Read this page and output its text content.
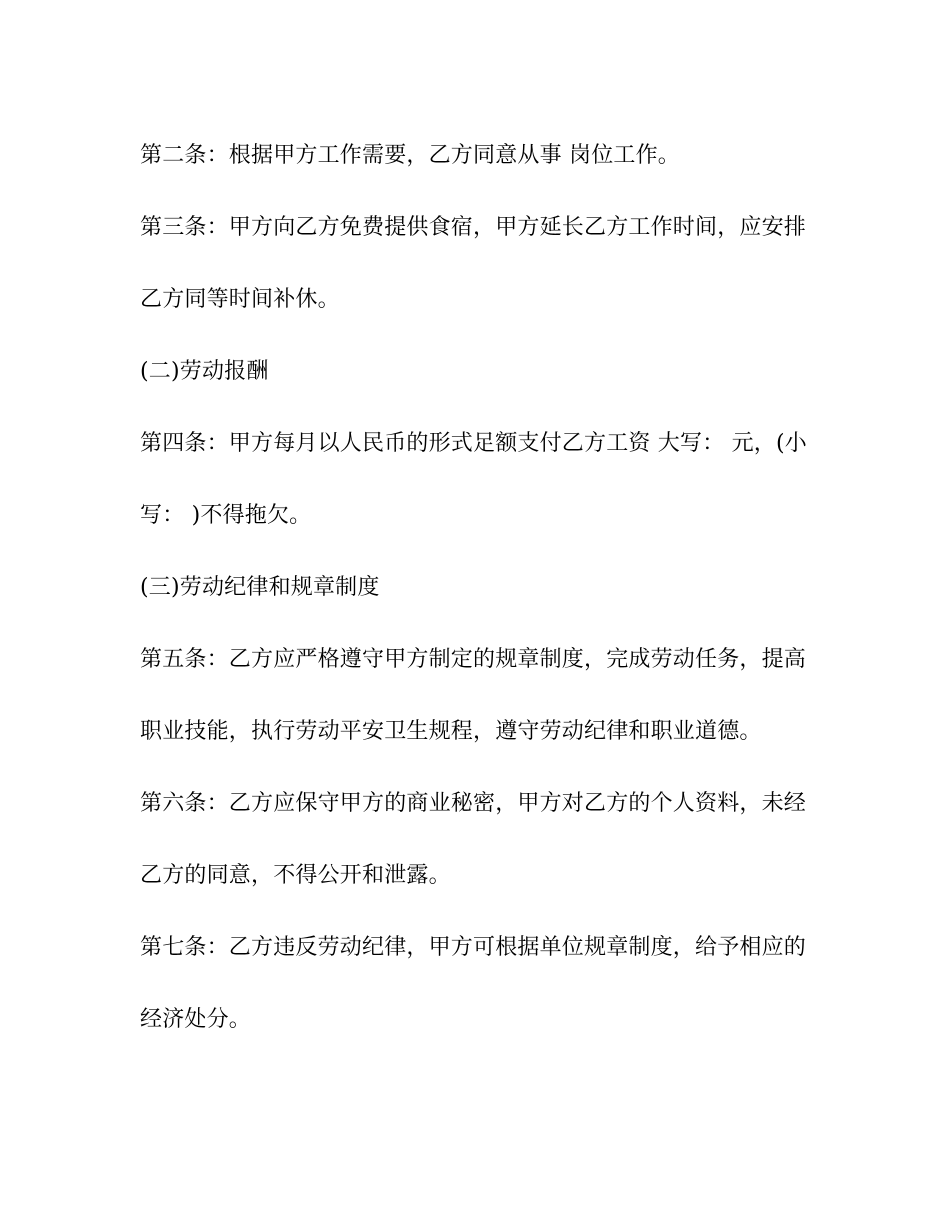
第二条：根据甲方工作需要，乙方同意从事 岗位工作。
第三条：甲方向乙方免费提供食宿，甲方延长乙方工作时间，应安排
乙方同等时间补休。
(二)劳动报酬
第四条：甲方每月以人民币的形式足额支付乙方工资 大写： 元，(小
写： )不得拖欠。
(三)劳动纪律和规章制度
第五条：乙方应严格遵守甲方制定的规章制度，完成劳动任务，提高
职业技能，执行劳动平安卫生规程，遵守劳动纪律和职业道德。
第六条：乙方应保守甲方的商业秘密，甲方对乙方的个人资料，未经
乙方的同意，不得公开和泄露。
第七条：乙方违反劳动纪律，甲方可根据单位规章制度，给予相应的
经济处分。
